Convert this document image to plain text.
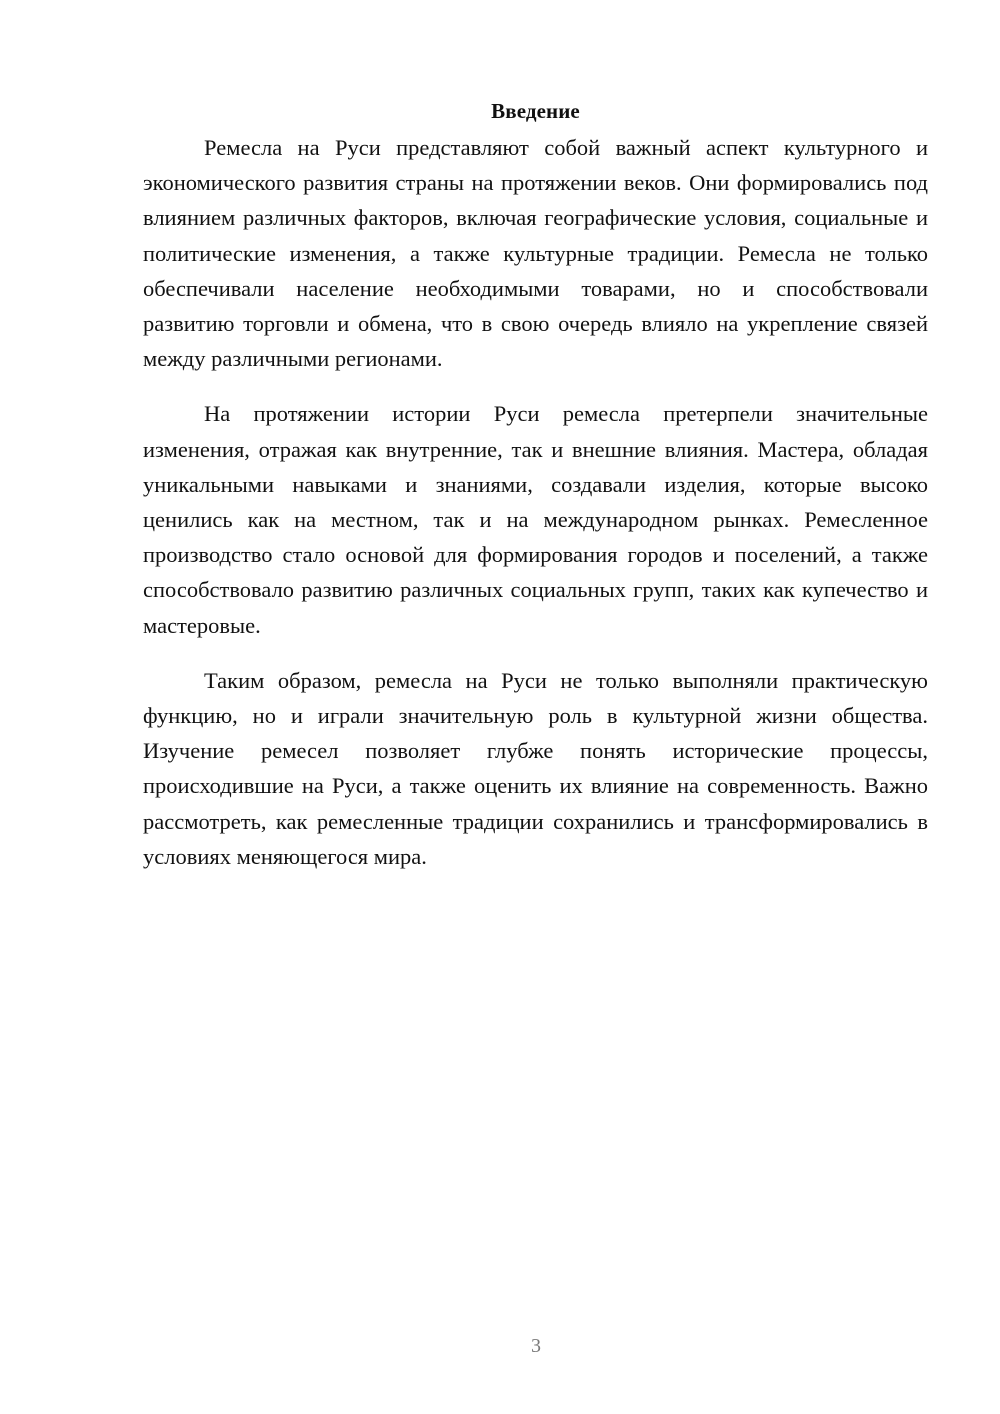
Введение

Ремесла на Руси представляют собой важный аспект культурного и экономического развития страны на протяжении веков. Они формировались под влиянием различных факторов, включая географические условия, социальные и политические изменения, а также культурные традиции. Ремесла не только обеспечивали население необходимыми товарами, но и способствовали развитию торговли и обмена, что в свою очередь влияло на укрепление связей между различными регионами.

На протяжении истории Руси ремесла претерпели значительные изменения, отражая как внутренние, так и внешние влияния. Мастера, обладая уникальными навыками и знаниями, создавали изделия, которые высоко ценились как на местном, так и на международном рынках. Ремесленное производство стало основой для формирования городов и поселений, а также способствовало развитию различных социальных групп, таких как купечество и мастеровые.

Таким образом, ремесла на Руси не только выполняли практическую функцию, но и играли значительную роль в культурной жизни общества. Изучение ремесел позволяет глубже понять исторические процессы, происходившие на Руси, а также оценить их влияние на современность. Важно рассмотреть, как ремесленные традиции сохранились и трансформировались в условиях меняющегося мира.

3
